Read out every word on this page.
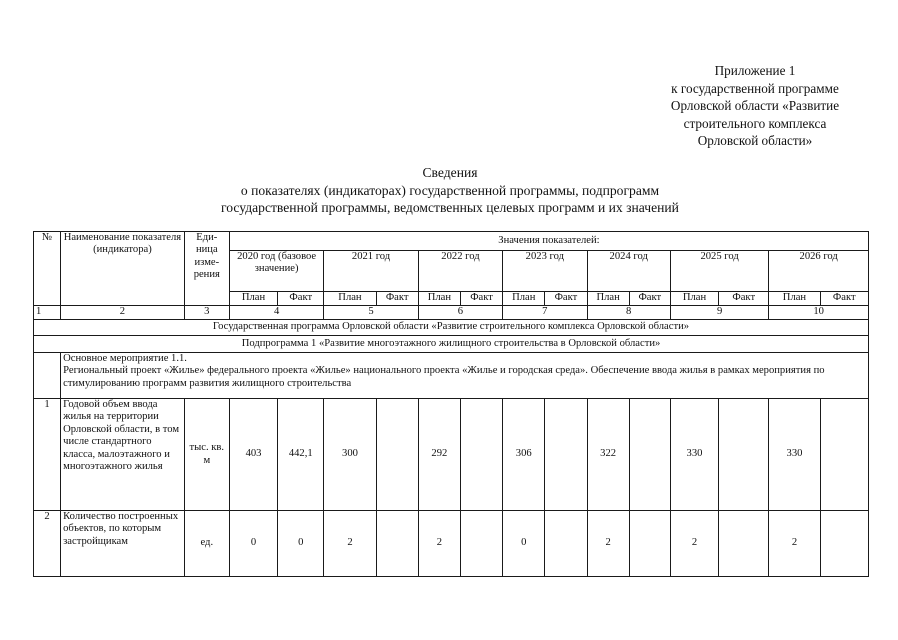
Приложение 1
к государственной программе
Орловской области «Развитие
строительного комплекса
Орловской области»
Сведения
о показателях (индикаторах) государственной программы, подпрограмм
государственной программы, ведомственных целевых программ и их значений
№	Наименование показателя (индикатора)	Еди-ница изме-рения	Значения показателей:													
			2020 год (базовое значение)		2021 год		2022 год		2023 год		2024 год		2025 год		2026 год	
			План	Факт	План	Факт	План	Факт	План	Факт	План	Факт	План	Факт	План	Факт
1	2	3	4		5		6		7		8		9		10	
Государственная программа Орловской области «Развитие строительного комплекса Орловской области»																
Подпрограмма 1 «Развитие многоэтажного жилищного строительства в Орловской области»																

	Основное мероприятие 1.1.
Региональный проект «Жилье» федерального проекта «Жилье» национального проекта «Жилье и городская среда». Обеспечение ввода жилья в рамках мероприятия по стимулированию программ развития жилищного строительства															

1	Годовой объем ввода жилья на территории Орловской области, в том числе стандартного класса, малоэтажного и многоэтажного жилья	тыс. кв. м	403	442,1	300		292		306		322		330		330	
2	Количество построенных объектов, по которым застройщикам	ед.	0	0	2		2		0		2		2		2	
